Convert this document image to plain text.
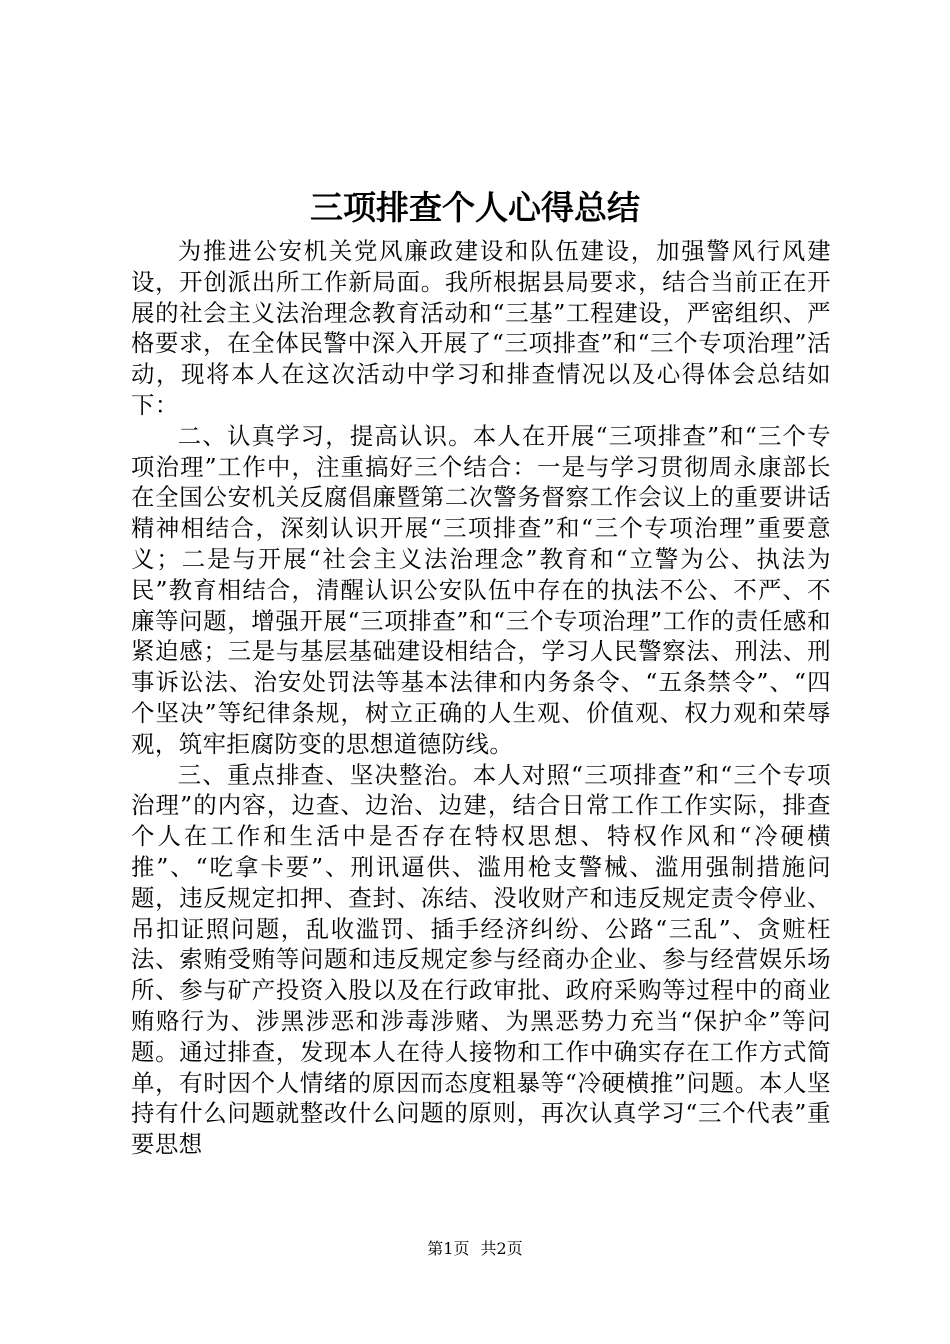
三项排查个人心得总结

为推进公安机关党风廉政建设和队伍建设，加强警风行风建设，开创派出所工作新局面。我所根据县局要求，结合当前正在开展的社会主义法治理念教育活动和“三基”工程建设，严密组织、严格要求，在全体民警中深入开展了“三项排查”和“三个专项治理”活动，现将本人在这次活动中学习和排查情况以及心得体会总结如下：

二、认真学习，提高认识。本人在开展“三项排查”和“三个专项治理”工作中，注重搞好三个结合：一是与学习贯彻周永康部长在全国公安机关反腐倡廉暨第二次警务督察工作会议上的重要讲话精神相结合，深刻认识开展“三项排查”和“三个专项治理”重要意义；二是与开展“社会主义法治理念”教育和“立警为公、执法为民”教育相结合，清醒认识公安队伍中存在的执法不公、不严、不廉等问题，增强开展“三项排查”和“三个专项治理”工作的责任感和紧迫感；三是与基层基础建设相结合，学习人民警察法、刑法、刑事诉讼法、治安处罚法等基本法律和内务条令、“五条禁令”、“四个坚决”等纪律条规，树立正确的人生观、价值观、权力观和荣辱观，筑牢拒腐防变的思想道德防线。

三、重点排查、坚决整治。本人对照“三项排查”和“三个专项治理”的内容，边查、边治、边建，结合日常工作工作实际，排查个人在工作和生活中是否存在特权思想、特权作风和“冷硬横推”、“吃拿卡要”、刑讯逼供、滥用枪支警械、滥用强制措施问题，违反规定扣押、查封、冻结、没收财产和违反规定责令停业、吊扣证照问题，乱收滥罚、插手经济纠纷、公路“三乱”、贪赃枉法、索贿受贿等问题和违反规定参与经商办企业、参与经营娱乐场所、参与矿产投资入股以及在行政审批、政府采购等过程中的商业贿赂行为、涉黑涉恶和涉毒涉赌、为黑恶势力充当“保护伞”等问题。通过排查，发现本人在待人接物和工作中确实存在工作方式简单，有时因个人情绪的原因而态度粗暴等“冷硬横推”问题。本人坚持有什么问题就整改什么问题的原则，再次认真学习“三个代表”重要思想

第1页 共2页
